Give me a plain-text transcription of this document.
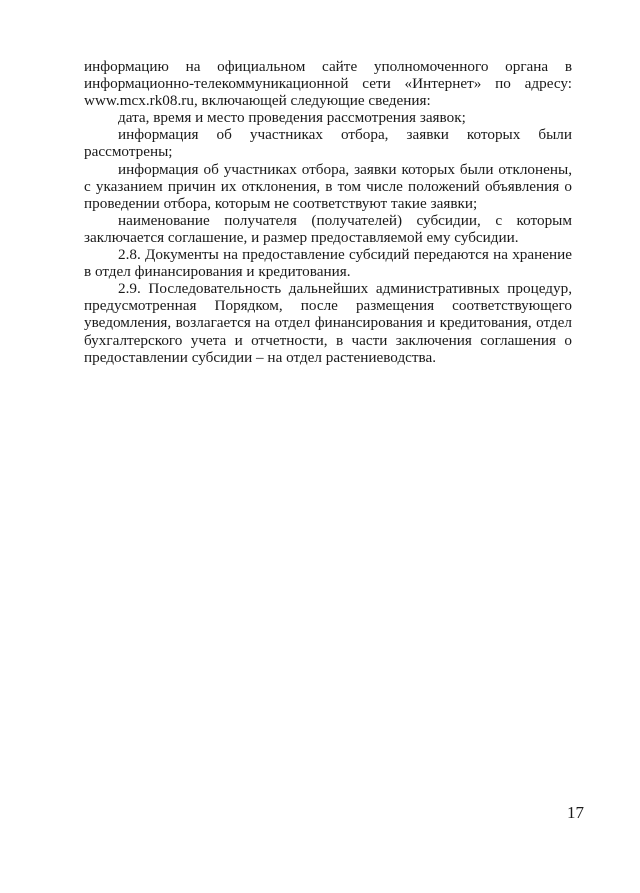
информацию на официальном сайте уполномоченного органа в информационно-телекоммуникационной сети «Интернет» по адресу: www.mcx.rk08.ru, включающей следующие сведения:

дата, время и место проведения рассмотрения заявок;

информация об участниках отбора, заявки которых были рассмотрены;

информация об участниках отбора, заявки которых были отклонены, с указанием причин их отклонения, в том числе положений объявления о проведении отбора, которым не соответствуют такие заявки;

наименование получателя (получателей) субсидии, с которым заключается соглашение, и размер предоставляемой ему субсидии.

2.8. Документы на предоставление субсидий передаются на хранение в отдел финансирования и кредитования.

2.9. Последовательность дальнейших административных процедур, предусмотренная Порядком, после размещения соответствующего уведомления, возлагается на отдел финансирования и кредитования, отдел бухгалтерского учета и отчетности, в части заключения соглашения о предоставлении субсидии – на отдел растениеводства.

17
